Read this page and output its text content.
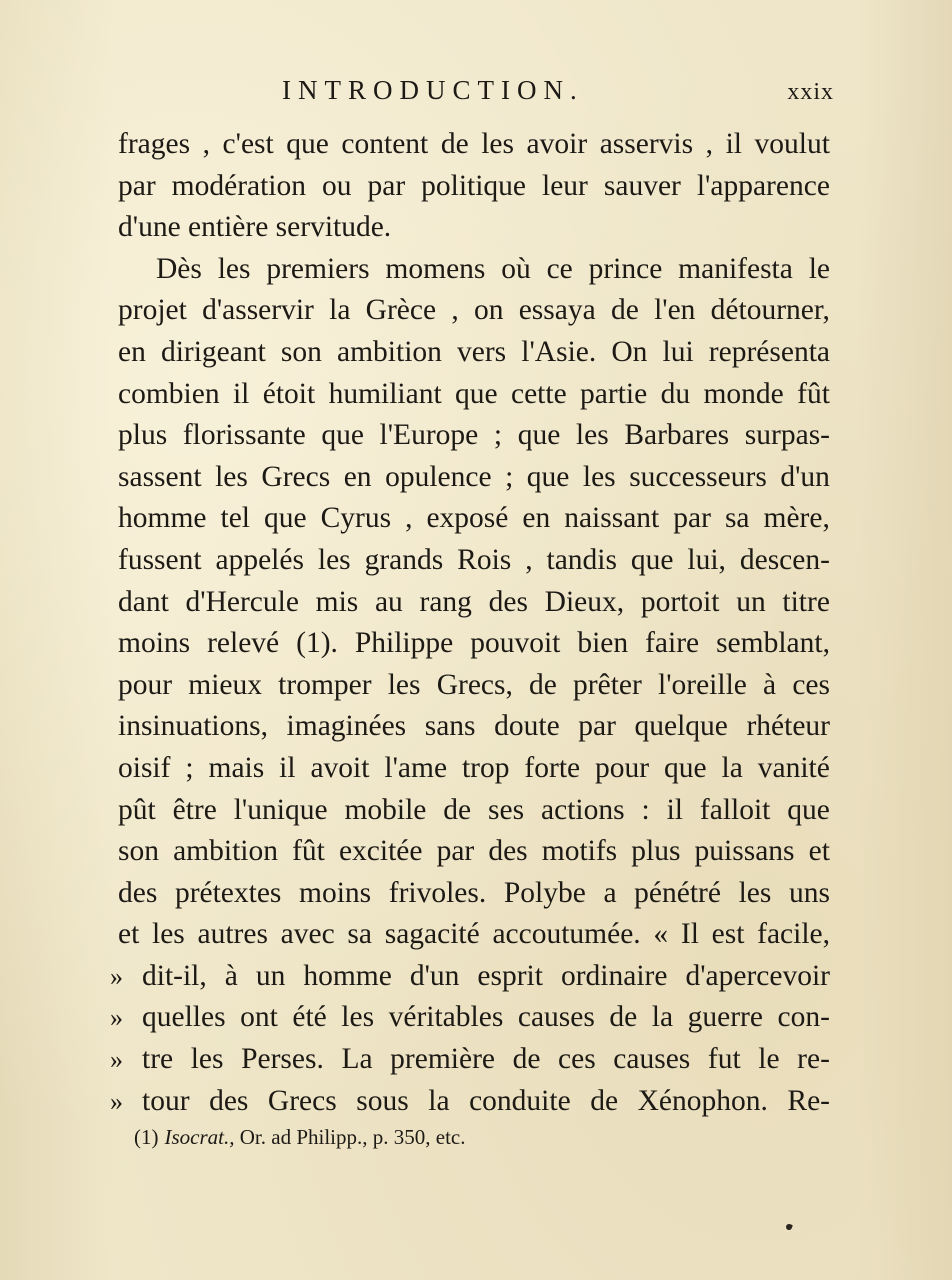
INTRODUCTION.	xxix
frages , c'est que content de les avoir asservis , il voulut
par modération ou par politique leur sauver l'apparence
d'une
entière
servitude.
Dès les premiers momens où ce prince manifesta le
projet d'asservir la Grèce , on essaya de l'en détourner,
en dirigeant son ambition vers l'Asie. On lui représenta
combien il étoit humiliant que cette partie du monde fût
plus florissante que l'Europe ; que les Barbares surpas-
sassent les Grecs en opulence ; que les successeurs d'un
homme tel que Cyrus , exposé en naissant par sa mère,
fussent appelés les grands Rois , tandis que lui, descen-
dant d'Hercule mis au rang des Dieux, portoit un titre
moins relevé (1). Philippe pouvoit bien faire semblant,
pour mieux tromper les Grecs, de prêter l'oreille à ces
insinuations, imaginées sans doute par quelque rhéteur
oisif ; mais il avoit l'ame trop forte pour que la vanité
pût être l'unique mobile de ses actions : il falloit que
son ambition fût excitée par des motifs plus puissans et
des prétextes moins frivoles. Polybe a pénétré les uns
et les autres avec sa sagacité accoutumée. « Il est facile,
» dit-il, à un homme d'un esprit ordinaire d'apercevoir
» quelles ont été les véritables causes de la guerre con-
» tre les Perses. La première de ces causes fut le re-
» tour des Grecs sous la conduite de Xénophon. Re-
(1) Isocrat., Or. ad Philipp., p. 350, etc.
